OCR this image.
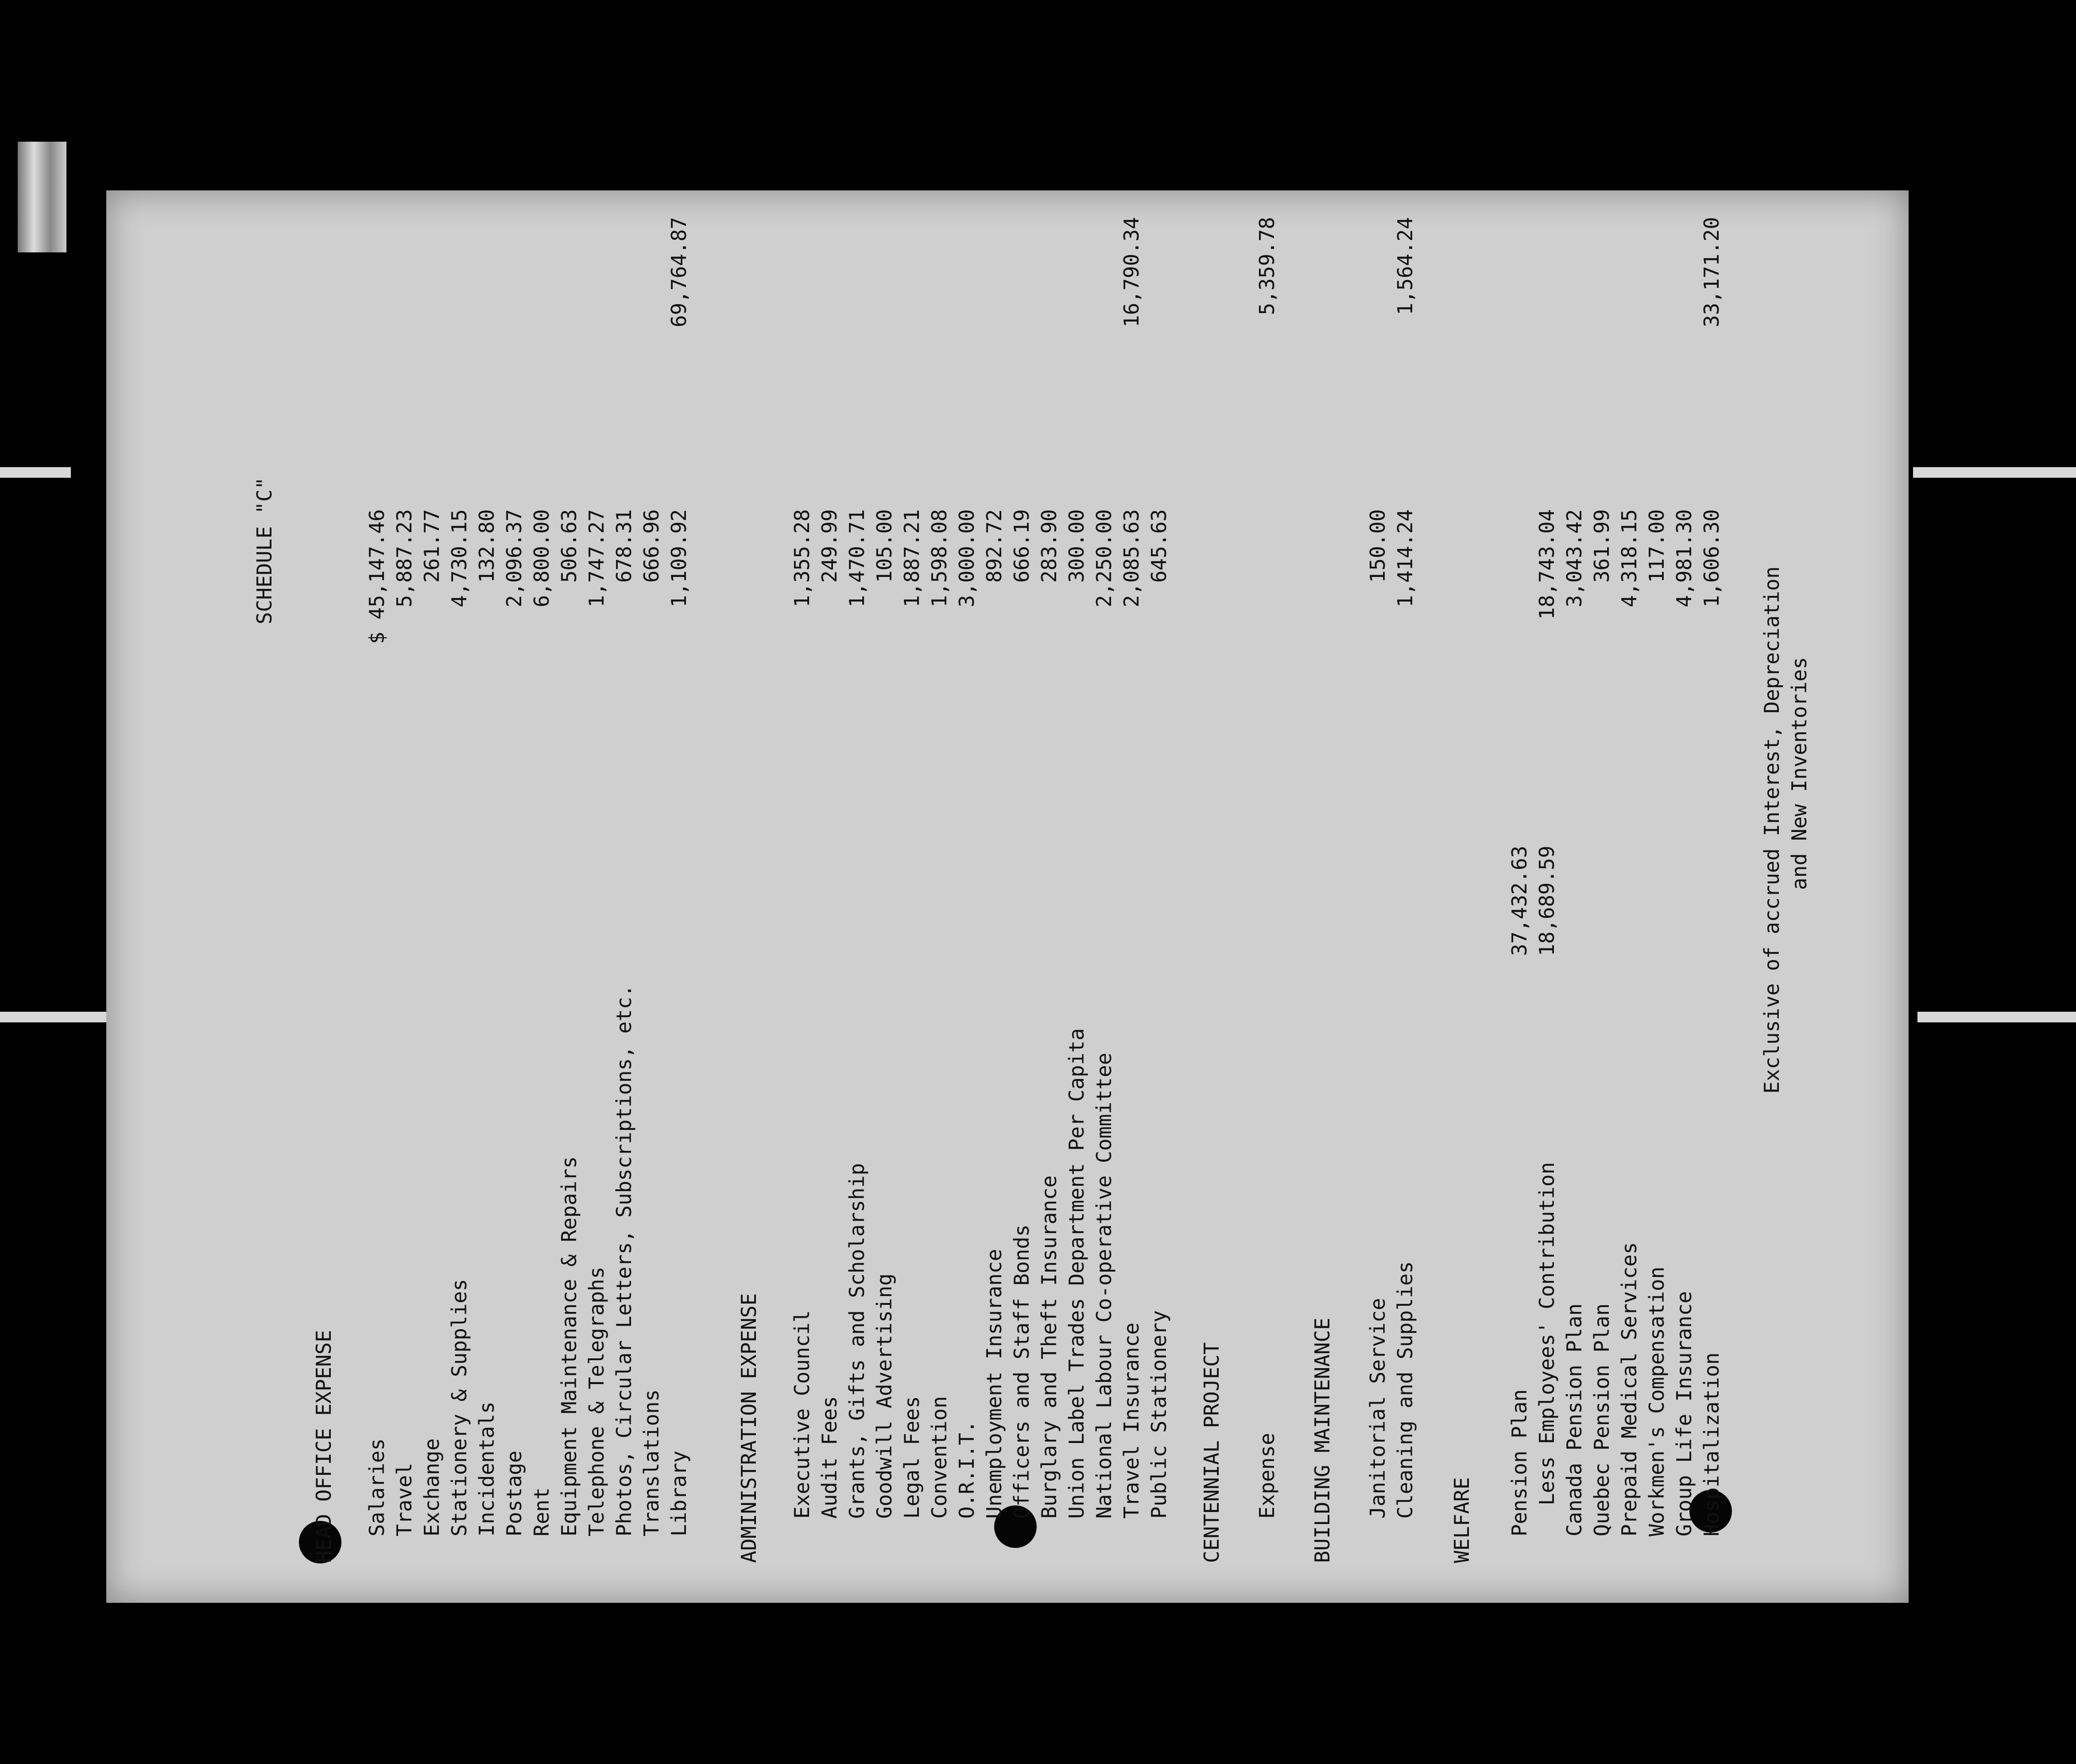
SCHEDULE "C"
HEAD OFFICE EXPENSE Salaries Travel Exchange Stationery & Supplies Incidentals Postage Rent Equipment Maintenance & Repairs Telephone & Telegraphs Photos, Circular Letters, Subscriptions, etc. Translations Library
$ 45,147.46 5,887.23 261.77 4,730.15 132.80 2,096.37 6,800.00 506.63 1,747.27 678.31 666.96 1,109.92
69,764.87
ADMINISTRATION EXPENSE Executive Council Audit Fees Grants, Gifts and Scholarship Goodwill Advertising Legal Fees Convention O.R.I.T. Unemployment Insurance Officers and Staff Bonds Burglary and Theft Insurance Union Label Trades Department Per Capita National Labour Co-operative Committee Travel Insurance Public Stationery
1,355.28 249.99 1,470.71 105.00 1,887.21 1,598.08 3,000.00 892.72 666.19 283.90 300.00 2,250.00 2,085.63 645.63
16,790.34
CENTENNIAL PROJECT Expense
5,359.78
BUILDING MAINTENANCE Janitorial Service Cleaning and Supplies
150.00 1,414.24
1,564.24
WELFARE Pension Plan
37,432.63
Less Employees' Contribution
18,689.59
18,743.04
Canada Pension Plan Quebec Pension Plan Prepaid Medical Services Workmen's Compensation Group Life Insurance Hospitalization
3,043.42 361.99 4,318.15 117.00 4,981.30 1,606.30
33,171.20
Exclusive of accrued Interest, Depreciation and New Inventories
